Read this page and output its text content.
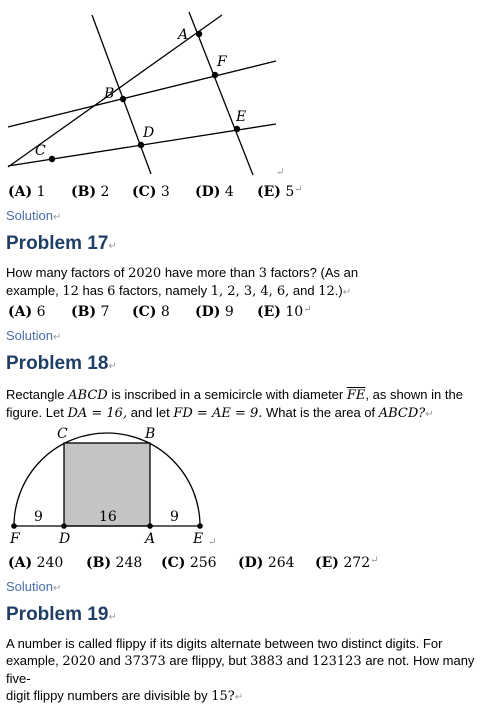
A
F
B
D
E
C
↵
(A) 1 (B) 2 (C) 3 (D) 4 (E) 5 ↵
Solution↵
Problem 17↵
How many factors of 2020 have more than 3 factors? (As an
example, 12 has 6 factors, namely 1, 2, 3, 4, 6, and 12.)↵
(A) 6 (B) 7 (C) 8 (D) 9 (E) 10 ↵
Solution↵
Problem 18↵
Rectangle ABCD is inscribed in a semicircle with diameter $\overline{FE}$, as shown in the
figure. Let DA = 16, and let FD = AE = 9. What is the area of ABCD?↵
C	B
F	D	A	E
9	16	9
↵
(A) 240 (B) 248 (C) 256 (D) 264 (E) 272 ↵
Solution↵
Problem 19↵
A number is called flippy if its digits alternate between two distinct digits. For
example, 2020 and 37373 are flippy, but 3883 and 123123 are not. How many five-
digit flippy numbers are divisible by 15?↵
